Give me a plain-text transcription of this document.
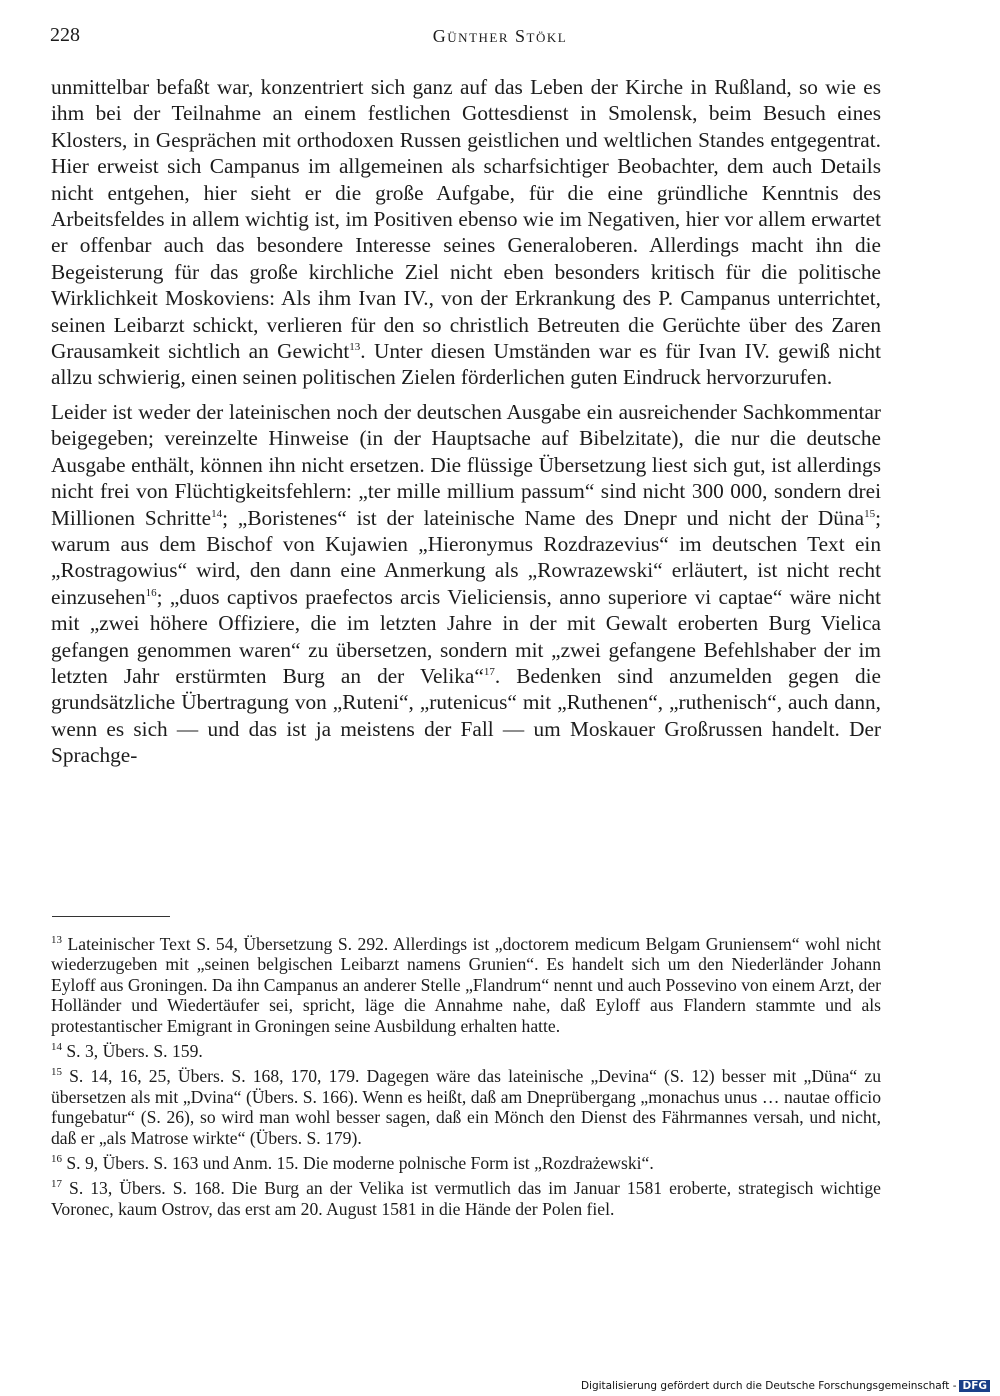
228	Günther Stökl

unmittelbar befaßt war, konzentriert sich ganz auf das Leben der Kirche in Rußland, so wie es ihm bei der Teilnahme an einem festlichen Gottesdienst in Smolensk, beim Besuch eines Klosters, in Gesprächen mit orthodoxen Russen geistlichen und weltlichen Standes entgegentrat. Hier erweist sich Campanus im allgemeinen als scharfsichtiger Beobachter, dem auch Details nicht entgehen, hier sieht er die große Aufgabe, für die eine gründliche Kenntnis des Arbeitsfeldes in allem wichtig ist, im Positiven ebenso wie im Negativen, hier vor allem erwartet er offenbar auch das besondere Interesse seines Generaloberen. Allerdings macht ihn die Begeisterung für das große kirchliche Ziel nicht eben besonders kritisch für die politische Wirklichkeit Moskoviens: Als ihm Ivan IV., von der Erkrankung des P. Campanus unterrichtet, seinen Leibarzt schickt, verlieren für den so christlich Betreuten die Gerüchte über des Zaren Grausamkeit sichtlich an Gewicht$^{13}$. Unter diesen Umständen war es für Ivan IV. gewiß nicht allzu schwierig, einen seinen politischen Zielen förderlichen guten Eindruck hervorzurufen.

Leider ist weder der lateinischen noch der deutschen Ausgabe ein ausreichender Sachkommentar beigegeben; vereinzelte Hinweise (in der Hauptsache auf Bibelzitate), die nur die deutsche Ausgabe enthält, können ihn nicht ersetzen. Die flüssige Übersetzung liest sich gut, ist allerdings nicht frei von Flüchtigkeitsfehlern: „ter mille millium passum“ sind nicht 300 000, sondern drei Millionen Schritte$^{14}$; „Boristenes“ ist der lateinische Name des Dnepr und nicht der Düna$^{15}$; warum aus dem Bischof von Kujawien „Hieronymus Rozdrazevius“ im deutschen Text ein „Rostragowius“ wird, den dann eine Anmerkung als „Rowrazewski“ erläutert, ist nicht recht einzusehen$^{16}$; „duos captivos praefectos arcis Vieliciensis, anno superiore vi captae“ wäre nicht mit „zwei höhere Offiziere, die im letzten Jahre in der mit Gewalt eroberten Burg Vielica gefangen genommen waren“ zu übersetzen, sondern mit „zwei gefangene Befehlshaber der im letzten Jahr erstürmten Burg an der Velika“$^{17}$. Bedenken sind anzumelden gegen die grundsätzliche Übertragung von „Ruteni“, „rutenicus“ mit „Ruthenen“, „ruthenisch“, auch dann, wenn es sich — und das ist ja meistens der Fall — um Moskauer Großrussen handelt. Der Sprachge-

$^{13}$ Lateinischer Text S. 54, Übersetzung S. 292. Allerdings ist „doctorem medicum Belgam Gruniensem“ wohl nicht wiederzugeben mit „seinen belgischen Leibarzt namens Grunien“. Es handelt sich um den Niederländer Johann Eyloff aus Groningen. Da ihn Campanus an anderer Stelle „Flandrum“ nennt und auch Possevino von einem Arzt, der Holländer und Wiedertäufer sei, spricht, läge die Annahme nahe, daß Eyloff aus Flandern stammte und als protestantischer Emigrant in Groningen seine Ausbildung erhalten hatte.

$^{14}$ S. 3, Übers. S. 159.

$^{15}$ S. 14, 16, 25, Übers. S. 168, 170, 179. Dagegen wäre das lateinische „Devina“ (S. 12) besser mit „Düna“ zu übersetzen als mit „Dvina“ (Übers. S. 166). Wenn es heißt, daß am Dneprübergang „monachus unus … nautae officio fungebatur“ (S. 26), so wird man wohl besser sagen, daß ein Mönch den Dienst des Fährmannes versah, und nicht, daß er „als Matrose wirkte“ (Übers. S. 179).

$^{16}$ S. 9, Übers. S. 163 und Anm. 15. Die moderne polnische Form ist „Rozdrażewski“.

$^{17}$ S. 13, Übers. S. 168. Die Burg an der Velika ist vermutlich das im Januar 1581 eroberte, strategisch wichtige Voronec, kaum Ostrov, das erst am 20. August 1581 in die Hände der Polen fiel.

Digitalisierung gefördert durch die Deutsche Forschungsgemeinschaft - DFG
